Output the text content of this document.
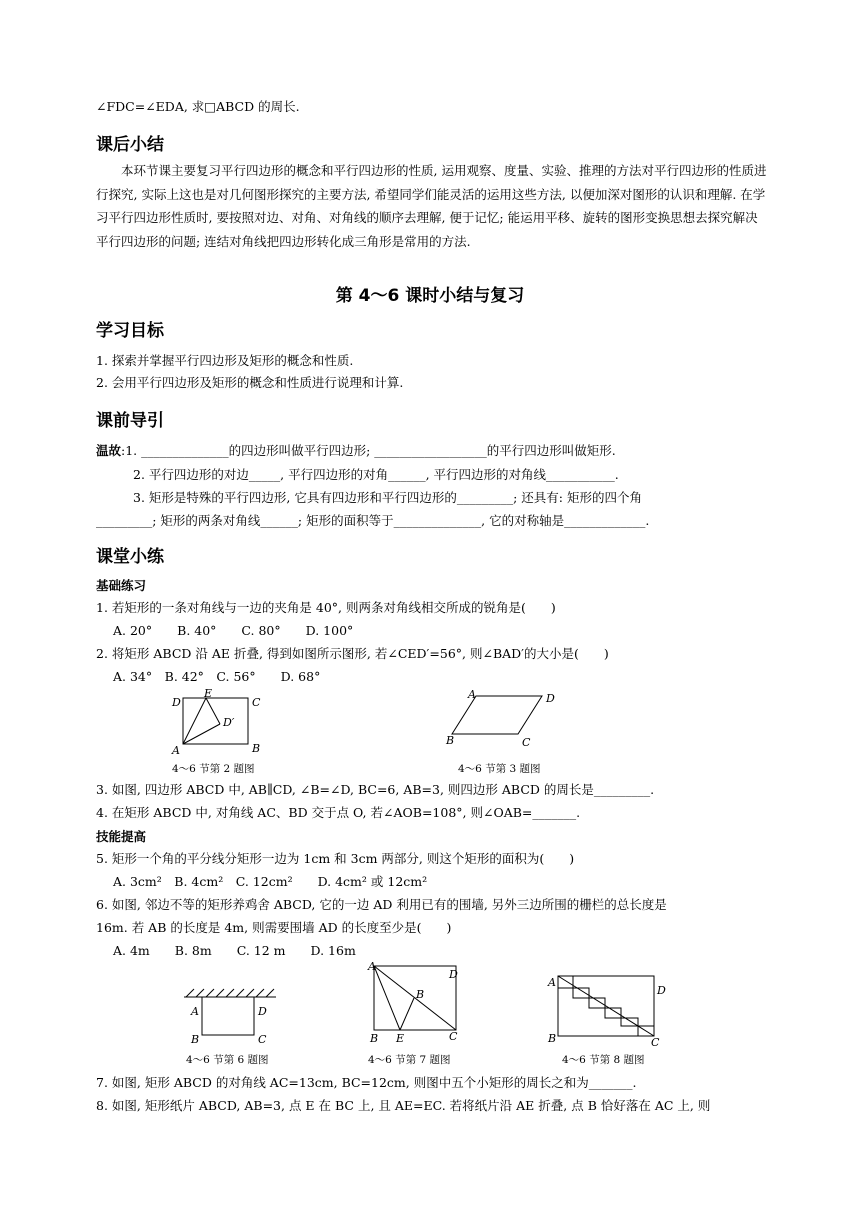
∠FDC=∠EDA, 求□ABCD 的周长.
课后小结
本环节课主要复习平行四边形的概念和平行四边形的性质, 运用观察、度量、实验、推理的方法对平行四边形的性质进行探究, 实际上这也是对几何图形探究的主要方法, 希望同学们能灵活的运用这些方法, 以便加深对图形的认识和理解. 在学习平行四边形性质时, 要按照对边、对角、对角线的顺序去理解, 便于记忆; 能运用平移、旋转的图形变换思想去探究解决平行四边形的问题; 连结对角线把四边形转化成三角形是常用的方法.
第 4～6 课时小结与复习
学习目标
1. 探索并掌握平行四边形及矩形的概念和性质.
2. 会用平行四边形及矩形的概念和性质进行说理和计算.
课前导引
温故:1. ______________的四边形叫做平行四边形; __________________的平行四边形叫做矩形.
2. 平行四边形的对边_____, 平行四边形的对角______, 平行四边形的对角线___________.
3. 矩形是特殊的平行四边形, 它具有四边形和平行四边形的_________; 还具有: 矩形的四个角
_________; 矩形的两条对角线______; 矩形的面积等于______________, 它的对称轴是_____________.
课堂小练
基础练习
1. 若矩形的一条对角线与一边的夹角是 40°, 则两条对角线相交所成的锐角是(　　)
A. 20°　　B. 40°　　C. 80°　　D. 100°
2. 将矩形 ABCD 沿 AE 折叠, 得到如图所示图形, 若∠CED′=56°, 则∠BAD′的大小是(　　)
A. 34°　B. 42°　C. 56°　　D. 68°
D
E
C
D′
A	B
4～6 节第 2 题图
A	D
B	C
4～6 节第 3 题图
3. 如图, 四边形 ABCD 中, AB∥CD, ∠B=∠D, BC=6, AB=3, 则四边形 ABCD 的周长是_________.
4. 在矩形 ABCD 中, 对角线 AC、BD 交于点 O, 若∠AOB=108°, 则∠OAB=_______.
技能提高
5. 矩形一个角的平分线分矩形一边为 1cm 和 3cm 两部分, 则这个矩形的面积为(　　)
A. 3cm²　B. 4cm²　C. 12cm²　　D. 4cm² 或 12cm²
6. 如图, 邻边不等的矩形养鸡舍 ABCD, 它的一边 AD 利用已有的围墙, 另外三边所围的栅栏的总长度是
16m. 若 AB 的长度是 4m, 则需要围墙 AD 的长度至少是(　　)
A. 4m　　B. 8m　　C. 12 m　　D. 16m
A	D
B	C
4～6 节第 6 题图
A
D
B
B E	C
4～6 节第 7 题图
A
D
B	C
4～6 节第 8 题图
7. 如图, 矩形 ABCD 的对角线 AC=13cm, BC=12cm, 则图中五个小矩形的周长之和为_______.
8. 如图, 矩形纸片 ABCD, AB=3, 点 E 在 BC 上, 且 AE=EC. 若将纸片沿 AE 折叠, 点 B 恰好落在 AC 上, 则
